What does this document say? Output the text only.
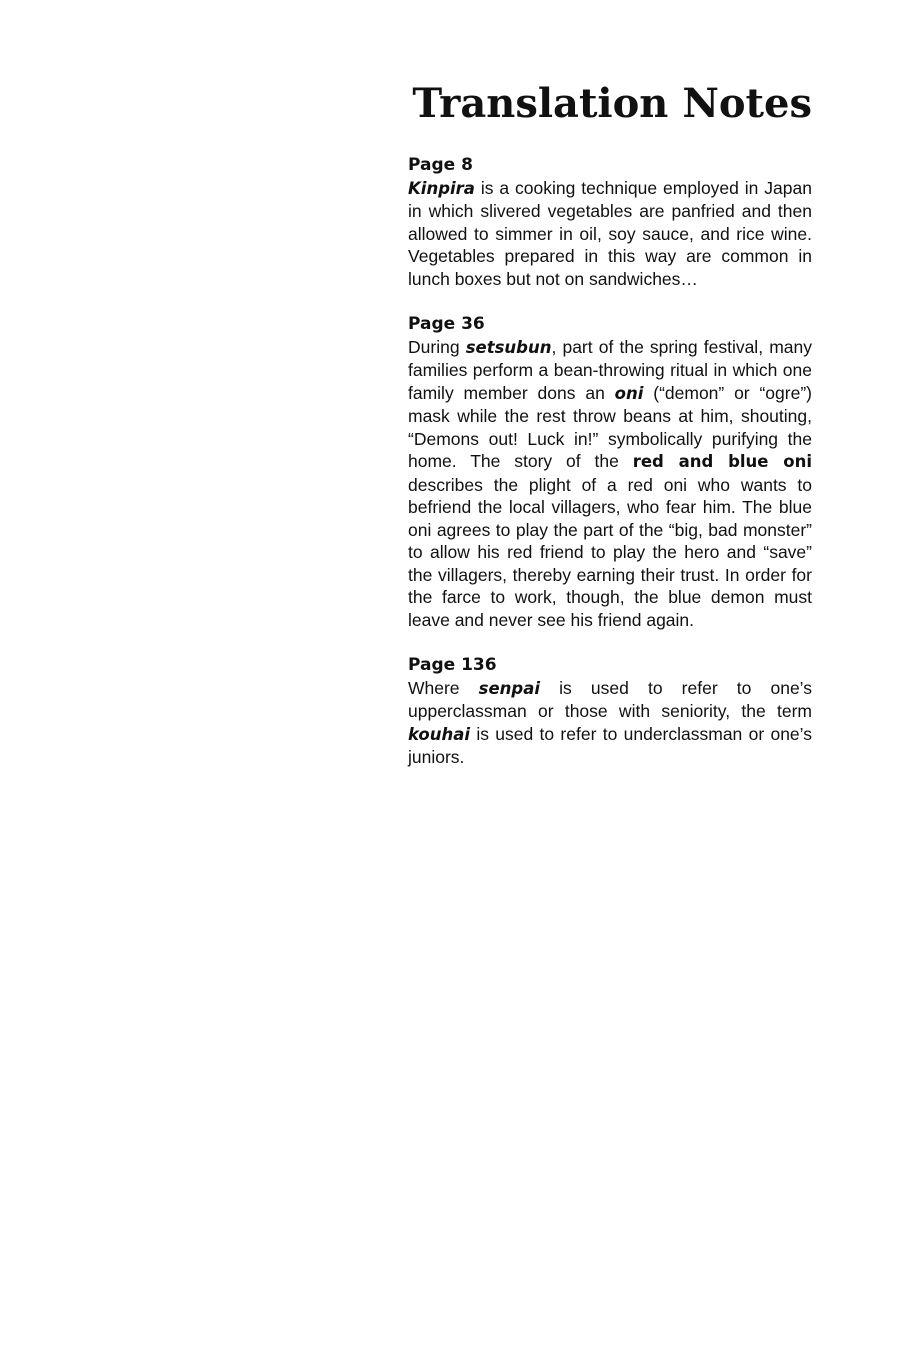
Translation Notes
Page 8

Kinpira is a cooking technique employed in Japan in which slivered vegetables are panfried and then allowed to simmer in oil, soy sauce, and rice wine. Vegetables prepared in this way are common in lunch boxes but not on sandwiches…

Page 36

During setsubun, part of the spring festival, many families perform a bean-throwing ritual in which one family member dons an oni (“demon” or “ogre”) mask while the rest throw beans at him, shouting, “Demons out! Luck in!” symbolically purifying the home. The story of the red and blue oni describes the plight of a red oni who wants to befriend the local villagers, who fear him. The blue oni agrees to play the part of the “big, bad monster” to allow his red friend to play the hero and “save” the villagers, thereby earning their trust. In order for the farce to work, though, the blue demon must leave and never see his friend again.

Page 136

Where senpai is used to refer to one’s upperclassman or those with seniority, the term kouhai is used to refer to underclassman or one’s juniors.
